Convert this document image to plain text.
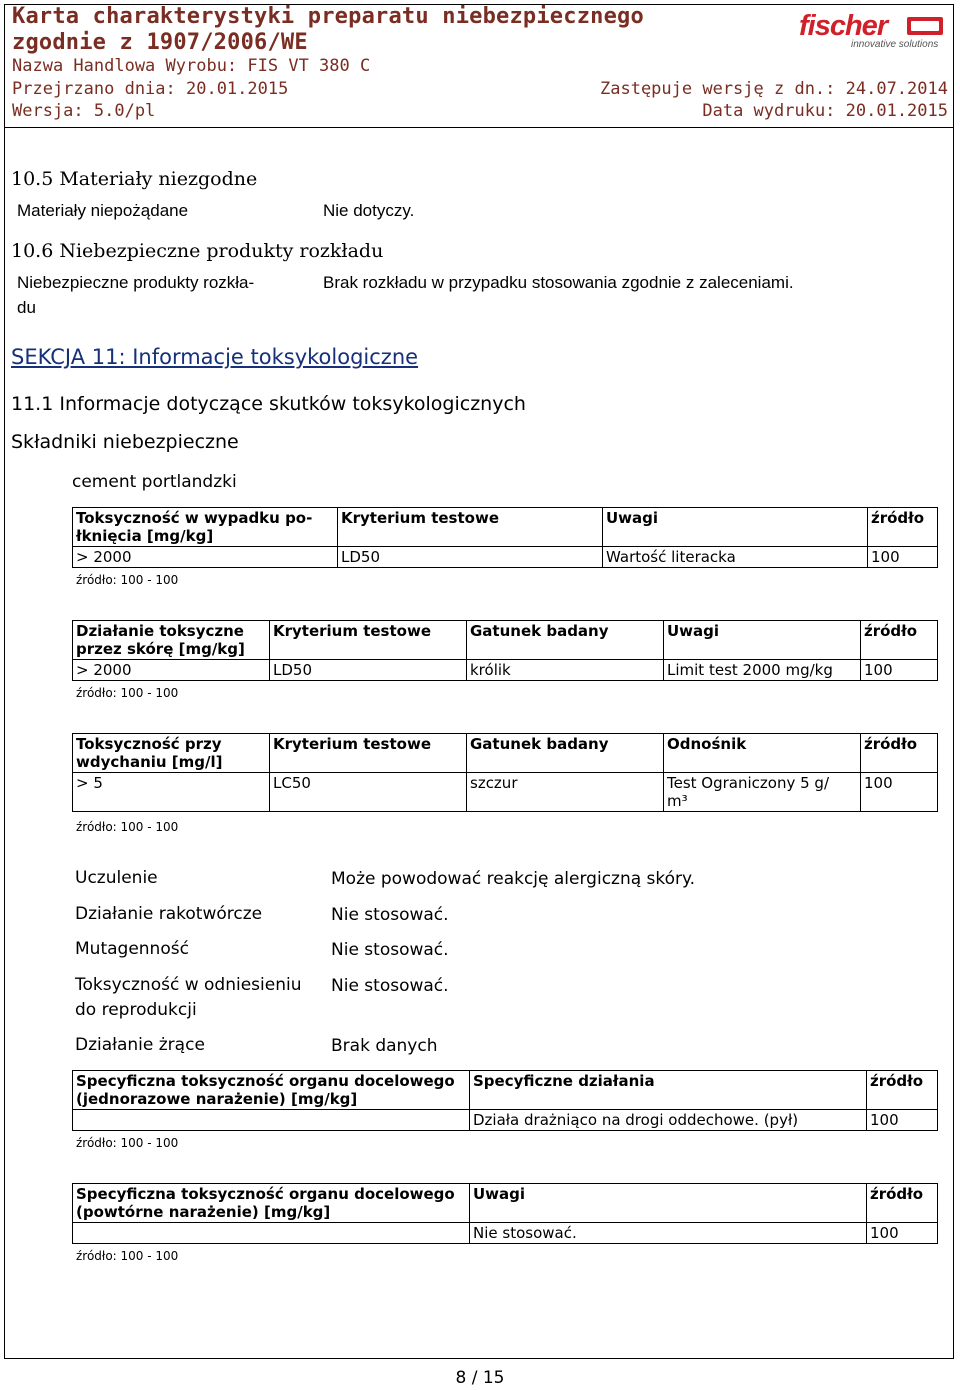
Karta charakterystyki preparatu niebezpiecznego
zgodnie z 1907/2006/WE
Nazwa Handlowa Wyrobu: FIS VT 380 C
Przejrzano dnia: 20.01.2015
Wersja: 5.0/pl
Zastępuje wersję z dn.: 24.07.2014
Data wydruku: 20.01.2015
fischer
innovative solutions
10.5 Materiały niezgodne
Materiały niepożądane	Nie dotyczy.
10.6 Niebezpieczne produkty rozkładu
Niebezpieczne produkty rozkła-
du
Brak rozkładu w przypadku stosowania zgodnie z zaleceniami.
SEKCJA 11: Informacje toksykologiczne
11.1 Informacje dotyczące skutków toksykologicznych
Składniki niebezpieczne
cement portlandzki
Toksyczność w wypadku po-
łknięcia [mg/kg]	Kryterium testowe	Uwagi	źródło
> 2000	LD50	Wartość literacka	100
źródło: 100 - 100
Działanie toksyczne
przez skórę [mg/kg]	Kryterium testowe	Gatunek badany	Uwagi	źródło
> 2000	LD50	królik	Limit test 2000 mg/kg	100
źródło: 100 - 100
Toksyczność przy
wdychaniu [mg/l]	Kryterium testowe	Gatunek badany	Odnośnik	źródło
> 5	LC50	szczur	Test Ograniczony 5 g/
m³	100
źródło: 100 - 100
Uczulenie	Może powodować reakcję alergiczną skóry.
Działanie rakotwórcze	Nie stosować.
Mutagenność	Nie stosować.
Toksyczność w odniesieniu
do reprodukcji
Nie stosować.
Działanie żrące	Brak danych
Specyficzna toksyczność organu docelowego
(jednorazowe narażenie) [mg/kg]	Specyficzne działania	źródło
	Działa drażniąco na drogi oddechowe. (pył)	100
źródło: 100 - 100
Specyficzna toksyczność organu docelowego
(powtórne narażenie) [mg/kg]	Uwagi	źródło
	Nie stosować.	100
źródło: 100 - 100
8 / 15
